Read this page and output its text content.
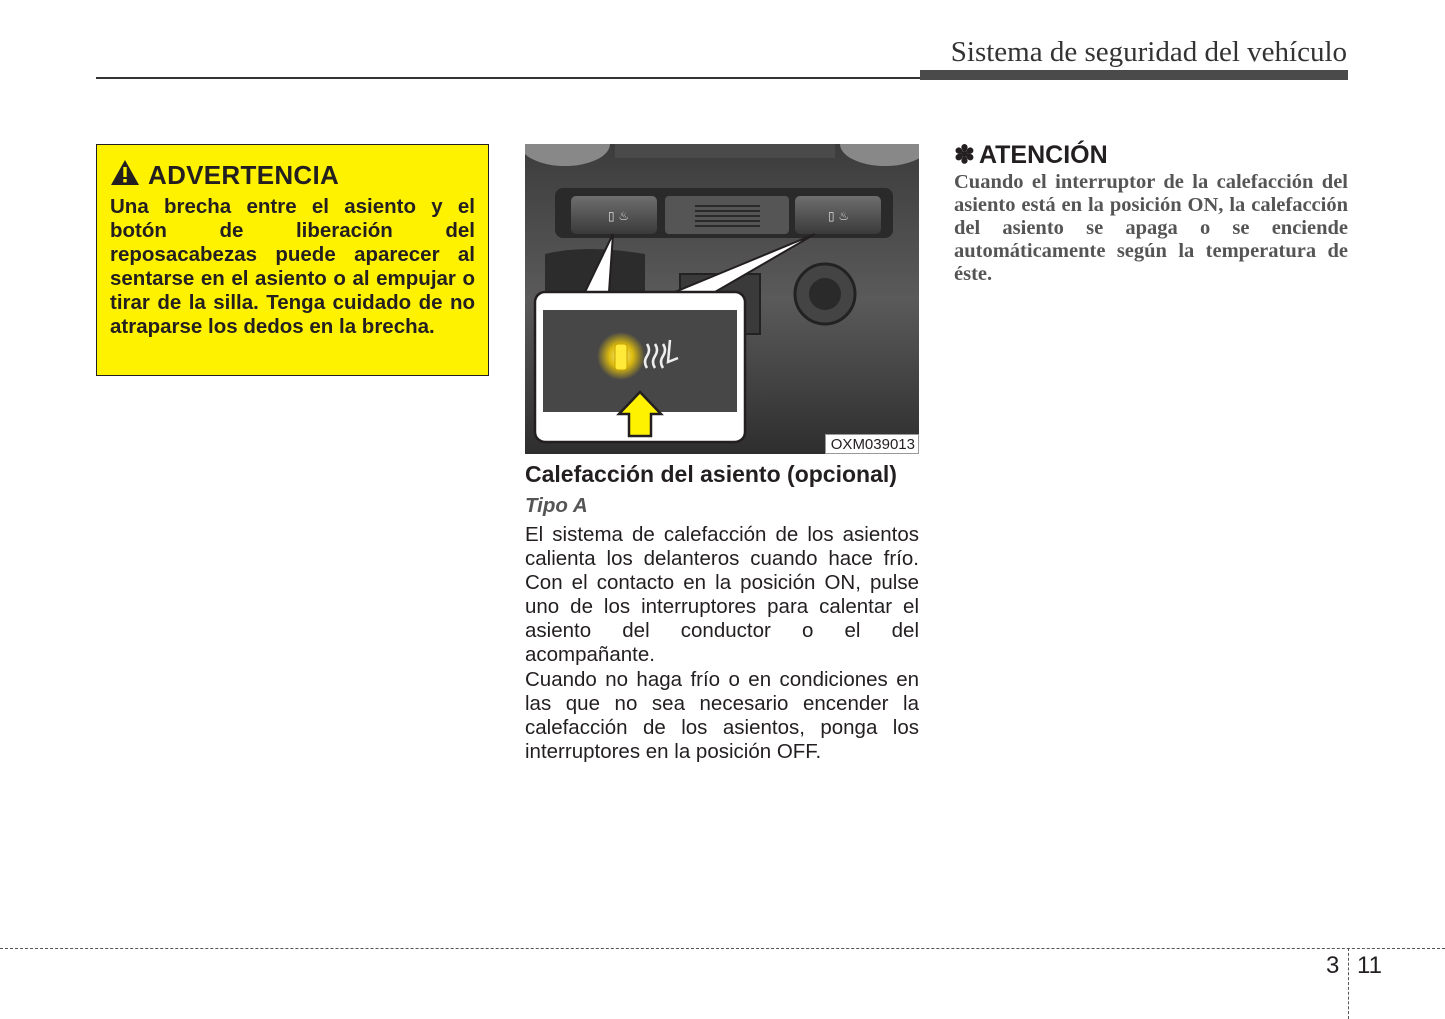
Sistema de seguridad del vehículo
ADVERTENCIA
Una brecha entre el asiento y el botón de liberación del reposacabezas puede aparecer al sentarse en el asiento o al empujar o tirar de la silla. Tenga cuidado de no atraparse los dedos en la brecha.
▯ ♨	▯ ♨
OXM039013
Calefacción del asiento (opcional)
Tipo A
El sistema de calefacción de los asientos calienta los delanteros cuando hace frío. Con el contacto en la posición ON, pulse uno de los interruptores para calentar el asiento del conductor o el del acompañante.
Cuando no haga frío o en condiciones en las que no sea necesario encender la calefacción de los asientos, ponga los interruptores en la posición OFF.
✽ ATENCIÓN
Cuando el interruptor de la calefacción del asiento está en la posición ON, la calefacción del asiento se apaga o se enciende automáticamente según la temperatura de éste.
3 11
